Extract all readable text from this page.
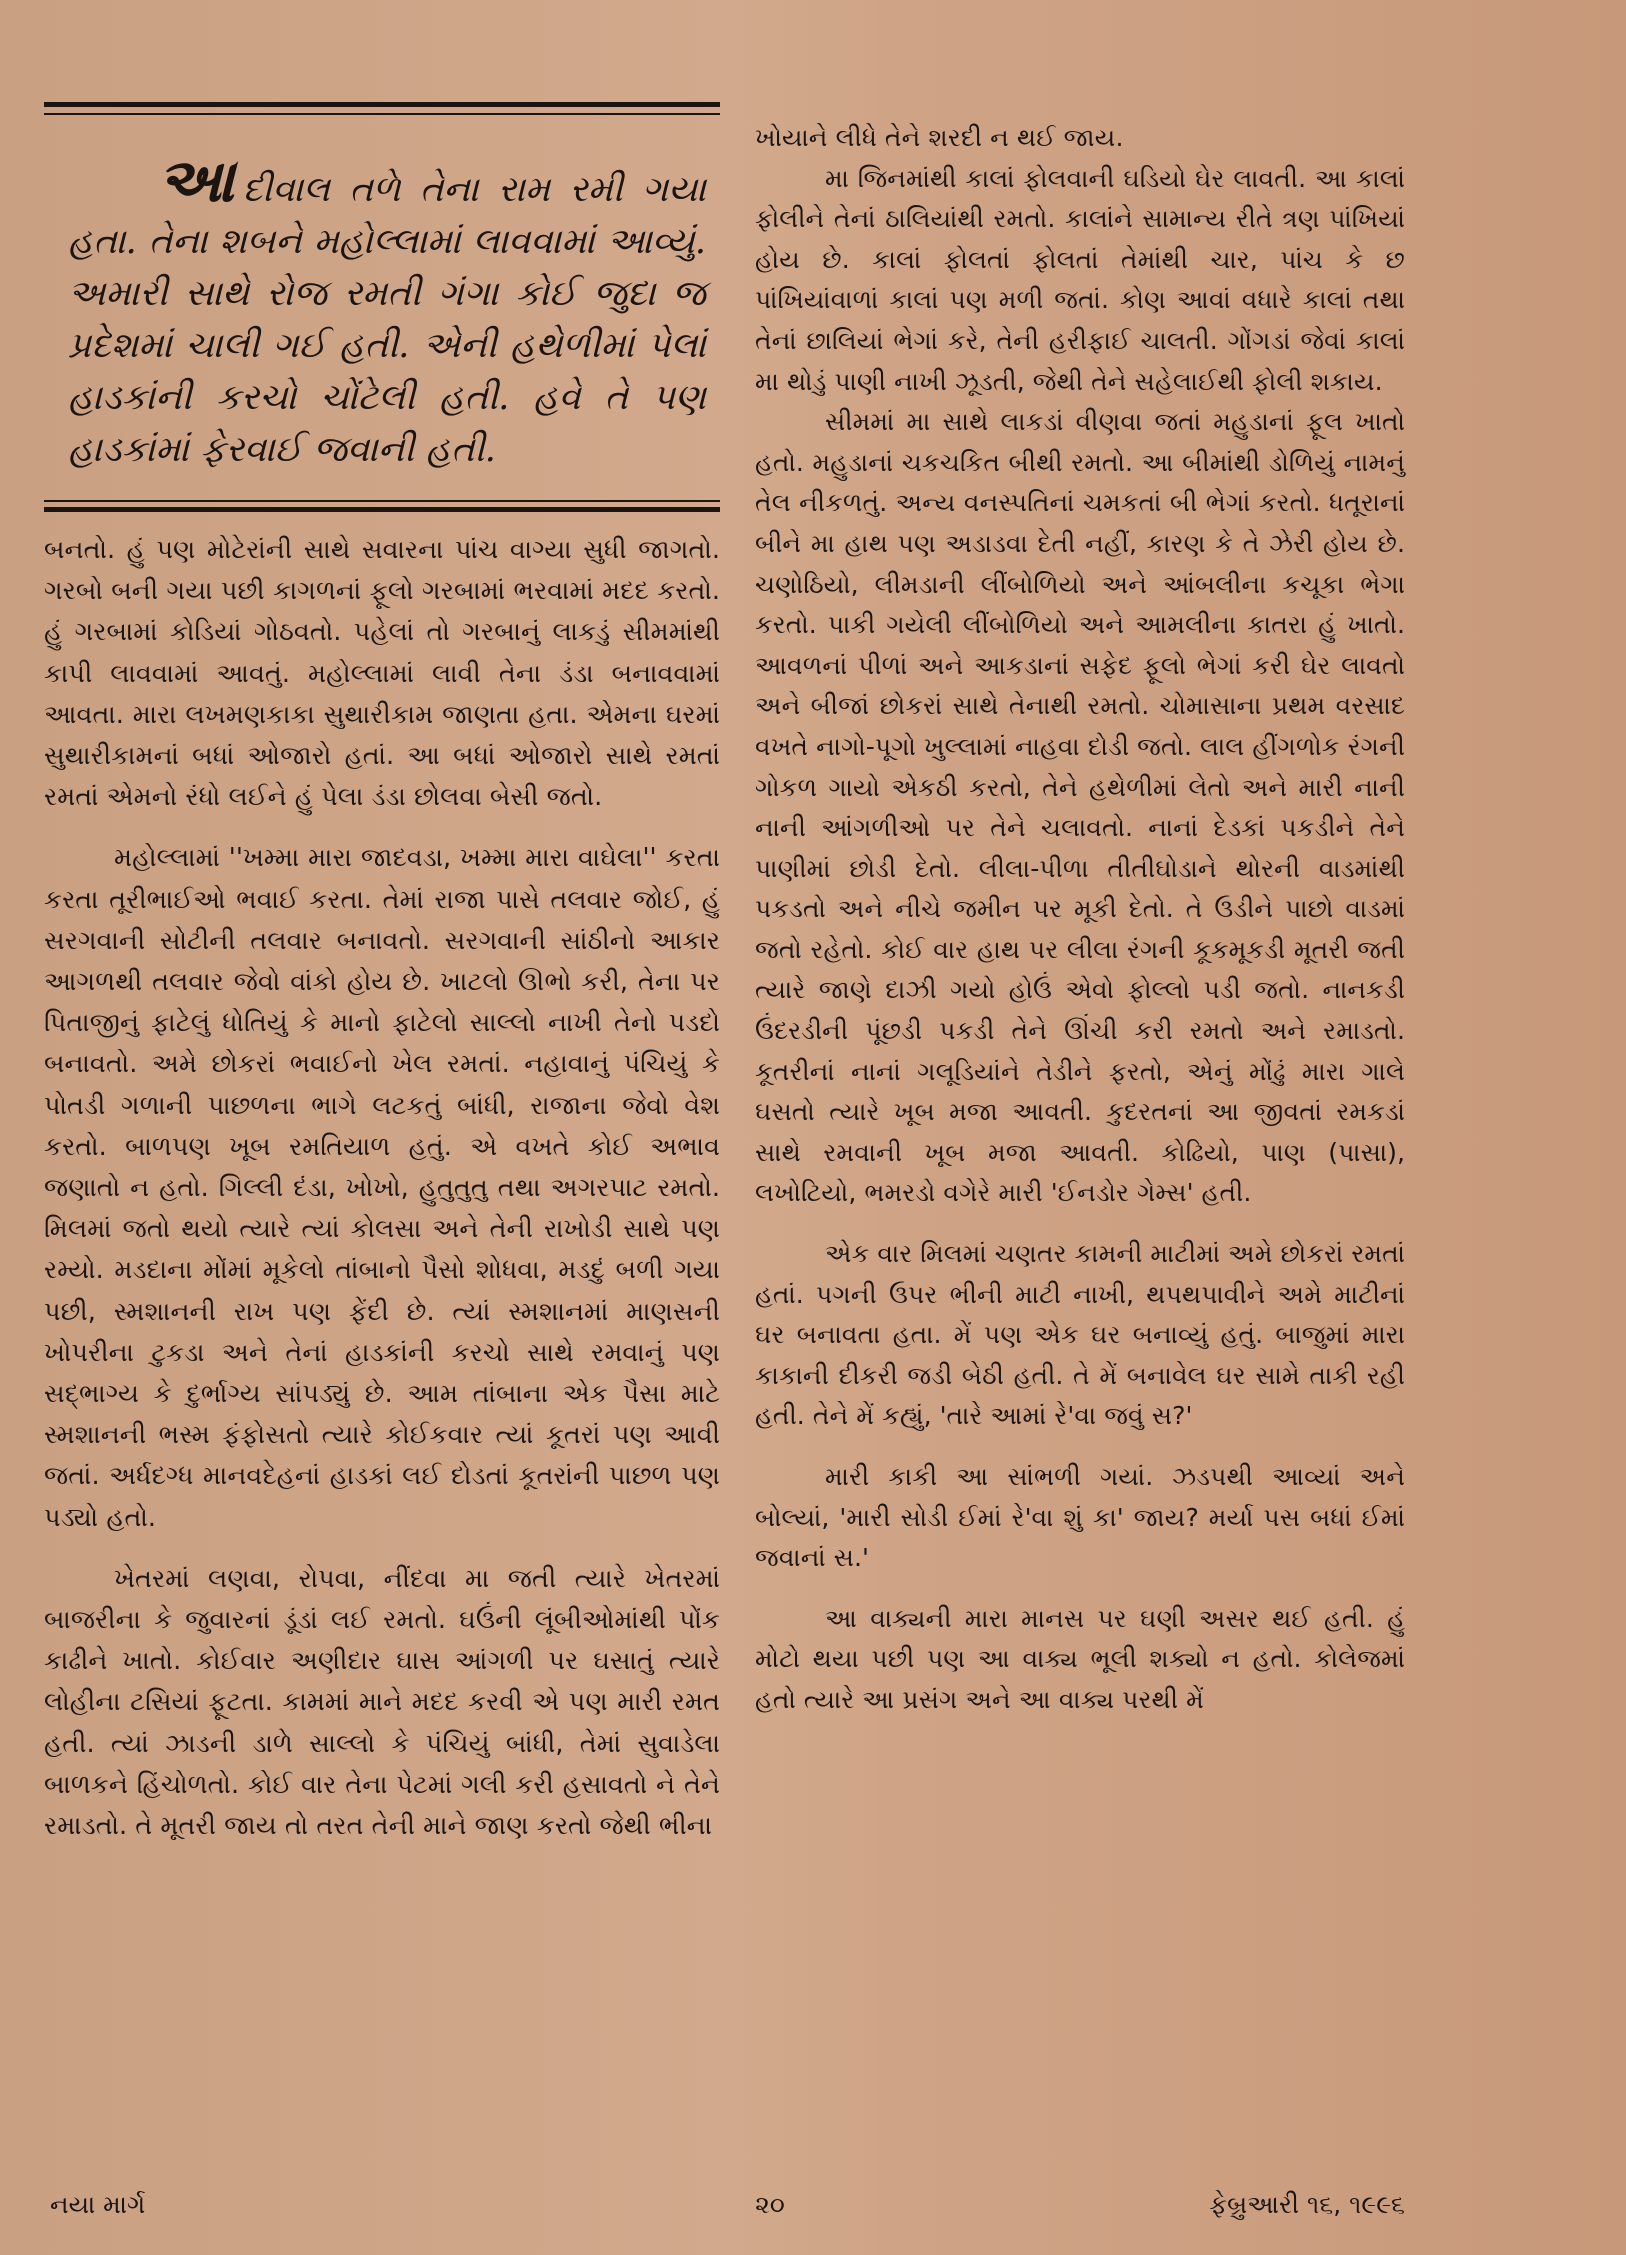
આદીવાલ તળે તેના રામ રમી ગયા હતા. તેના શબને મહોલ્લામાં લાવવામાં આવ્યું. અમારી સાથે રોજ રમતી ગંગા કોઈ જુદા જ પ્રદેશમાં ચાલી ગઈ હતી. એની હથેળીમાં પેલાં હાડકાંની કરચો ચોંટેલી હતી. હવે તે પણ હાડકાંમાં ફેરવાઈ જવાની હતી.

બનતો. હું પણ મોટેરાંની સાથે સવારના પાંચ વાગ્યા સુધી જાગતો. ગરબો બની ગયા પછી કાગળનાં ફૂલો ગરબામાં ભરવામાં મદદ કરતો. હું ગરબામાં કોડિયાં ગોઠવતો. પહેલાં તો ગરબાનું લાકડું સીમમાંથી કાપી લાવવામાં આવતું. મહોલ્લામાં લાવી તેના ડંડા બનાવવામાં આવતા. મારા લખમણકાકા સુથારીકામ જાણતા હતા. એમના ઘરમાં સુથારીકામનાં બધાં ઓજારો હતાં. આ બધાં ઓજારો સાથે રમતાં રમતાં એમનો રંધો લઈને હું પેલા ડંડા છોલવા બેસી જતો.

મહોલ્લામાં ''ખમ્મા મારા જાદવડા, ખમ્મા મારા વાઘેલા'' કરતા કરતા તૂરીભાઈઓ ભવાઈ કરતા. તેમાં રાજા પાસે તલવાર જોઈ, હું સરગવાની સોટીની તલવાર બનાવતો. સરગવાની સાંઠીનો આકાર આગળથી તલવાર જેવો વાંકો હોય છે. ખાટલો ઊભો કરી, તેના પર પિતાજીનું ફાટેલું ધોતિયું કે માનો ફાટેલો સાલ્લો નાખી તેનો પડદો બનાવતો. અમે છોકરાં ભવાઈનો ખેલ રમતાં. નહાવાનું પંચિયું કે પોતડી ગળાની પાછળના ભાગે લટકતું બાંધી, રાજાના જેવો વેશ કરતો. બાળપણ ખૂબ રમતિયાળ હતું. એ વખતે કોઈ અભાવ જણાતો ન હતો. ગિલ્લી દંડા, ખોખો, હુતુતુતુ તથા અગરપાટ રમતો. મિલમાં જતો થયો ત્યારે ત્યાં કોલસા અને તેની રાખોડી સાથે પણ રમ્યો. મડદાના મોંમાં મૂકેલો તાંબાનો પૈસો શોધવા, મડદું બળી ગયા પછી, સ્મશાનની રાખ પણ ફેંદી છે. ત્યાં સ્મશાનમાં માણસની ખોપરીના ટુકડા અને તેનાં હાડકાંની કરચો સાથે રમવાનું પણ સદ્ભાગ્ય કે દુર્ભાગ્ય સાંપડ્યું છે. આમ તાંબાના એક પૈસા માટે સ્મશાનની ભસ્મ ફંફોસતો ત્યારે કોઈકવાર ત્યાં કૂતરાં પણ આવી જતાં. અર્ધદગ્ધ માનવદેહનાં હાડકાં લઈ દોડતાં કૂતરાંની પાછળ પણ પડ્યો હતો.

ખેતરમાં લણવા, રોપવા, નીંદવા મા જતી ત્યારે ખેતરમાં બાજરીના કે જુવારનાં ડૂંડાં લઈ રમતો. ઘઉંની લૂંબીઓમાંથી પોંક કાઢીને ખાતો. કોઈવાર અણીદાર ઘાસ આંગળી પર ઘસાતું ત્યારે લોહીના ટસિયાં ફૂટતા. કામમાં માને મદદ કરવી એ પણ મારી રમત હતી. ત્યાં ઝાડની ડાળે સાલ્લો કે પંચિયું બાંધી, તેમાં સુવાડેલા બાળકને હિંચોળતો. કોઈ વાર તેના પેટમાં ગલી કરી હસાવતો ને તેને રમાડતો. તે મૂતરી જાય તો તરત તેની માને જાણ કરતો જેથી ભીના

ખોયાને લીધે તેને શરદી ન થઈ જાય.

મા જિનમાંથી કાલાં ફોલવાની ઘડિયો ઘેર લાવતી. આ કાલાં ફોલીને તેનાં ઠાલિયાંથી રમતો. કાલાંને સામાન્ય રીતે ત્રણ પાંખિયાં હોય છે. કાલાં ફોલતાં ફોલતાં તેમાંથી ચાર, પાંચ કે છ પાંખિયાંવાળાં કાલાં પણ મળી જતાં. કોણ આવાં વધારે કાલાં તથા તેનાં છાલિયાં ભેગાં કરે, તેની હરીફાઈ ચાલતી. ગોંગડાં જેવાં કાલાં મા થોડું પાણી નાખી ઝૂડતી, જેથી તેને સહેલાઈથી ફોલી શકાય.

સીમમાં મા સાથે લાકડાં વીણવા જતાં મહુડાનાં ફૂલ ખાતો હતો. મહુડાનાં ચકચકિત બીથી રમતો. આ બીમાંથી ડોળિયું નામનું તેલ નીકળતું. અન્ય વનસ્પતિનાં ચમકતાં બી ભેગાં કરતો. ધતૂરાનાં બીને મા હાથ પણ અડાડવા દેતી નહીં, કારણ કે તે ઝેરી હોય છે. ચણોઠિયો, લીમડાની લીંબોળિયો અને આંબલીના કચૂકા ભેગા કરતો. પાકી ગયેલી લીંબોળિયો અને આમલીના કાતરા હું ખાતો. આવળનાં પીળાં અને આકડાનાં સફેદ ફૂલો ભેગાં કરી ઘેર લાવતો અને બીજાં છોકરાં સાથે તેનાથી રમતો. ચોમાસાના પ્રથમ વરસાદ વખતે નાગો-પૂગો ખુલ્લામાં નાહવા દોડી જતો. લાલ હીંગળોક રંગની ગોકળ ગાયો એકઠી કરતો, તેને હથેળીમાં લેતો અને મારી નાની નાની આંગળીઓ પર તેને ચલાવતો. નાનાં દેડકાં પકડીને તેને પાણીમાં છોડી દેતો. લીલા-પીળા તીતીઘોડાને થોરની વાડમાંથી પકડતો અને નીચે જમીન પર મૂકી દેતો. તે ઉડીને પાછો વાડમાં જતો રહેતો. કોઈ વાર હાથ પર લીલા રંગની કૂકમૂકડી મૂતરી જતી ત્યારે જાણે દાઝી ગયો હોઉં એવો ફોલ્લો પડી જતો. નાનકડી ઉંદરડીની પૂંછડી પકડી તેને ઊંચી કરી રમતો અને રમાડતો. કૂતરીનાં નાનાં ગલૂડિયાંને તેડીને ફરતો, એનું મોંઢું મારા ગાલે ઘસતો ત્યારે ખૂબ મજા આવતી. કુદરતનાં આ જીવતાં રમકડાં સાથે રમવાની ખૂબ મજા આવતી. કોઢિયો, પાણ (પાસા), લખોટિયો, ભમરડો વગેરે મારી 'ઈનડોર ગેમ્સ' હતી.

એક વાર મિલમાં ચણતર કામની માટીમાં અમે છોકરાં રમતાં હતાં. પગની ઉપર ભીની માટી નાખી, થપથપાવીને અમે માટીનાં ઘર બનાવતા હતા. મેં પણ એક ઘર બનાવ્યું હતું. બાજુમાં મારા કાકાની દીકરી જડી બેઠી હતી. તે મેં બનાવેલ ઘર સામે તાકી રહી હતી. તેને મેં કહ્યું, 'તારે આમાં રે'વા જવું સ?'

મારી કાકી આ સાંભળી ગયાં. ઝડપથી આવ્યાં અને બોલ્યાં, 'મારી સોડી ઈમાં રે'વા શું કા' જાય? મર્યા પસ બધાં ઈમાં જવાનાં સ.'

આ વાક્યની મારા માનસ પર ઘણી અસર થઈ હતી. હું મોટો થયા પછી પણ આ વાક્ય ભૂલી શક્યો ન હતો. કોલેજમાં હતો ત્યારે આ પ્રસંગ અને આ વાક્ય પરથી મેં

નયા માર્ગ	૨૦	ફેબ્રુઆરી ૧૬, ૧૯૯૬
